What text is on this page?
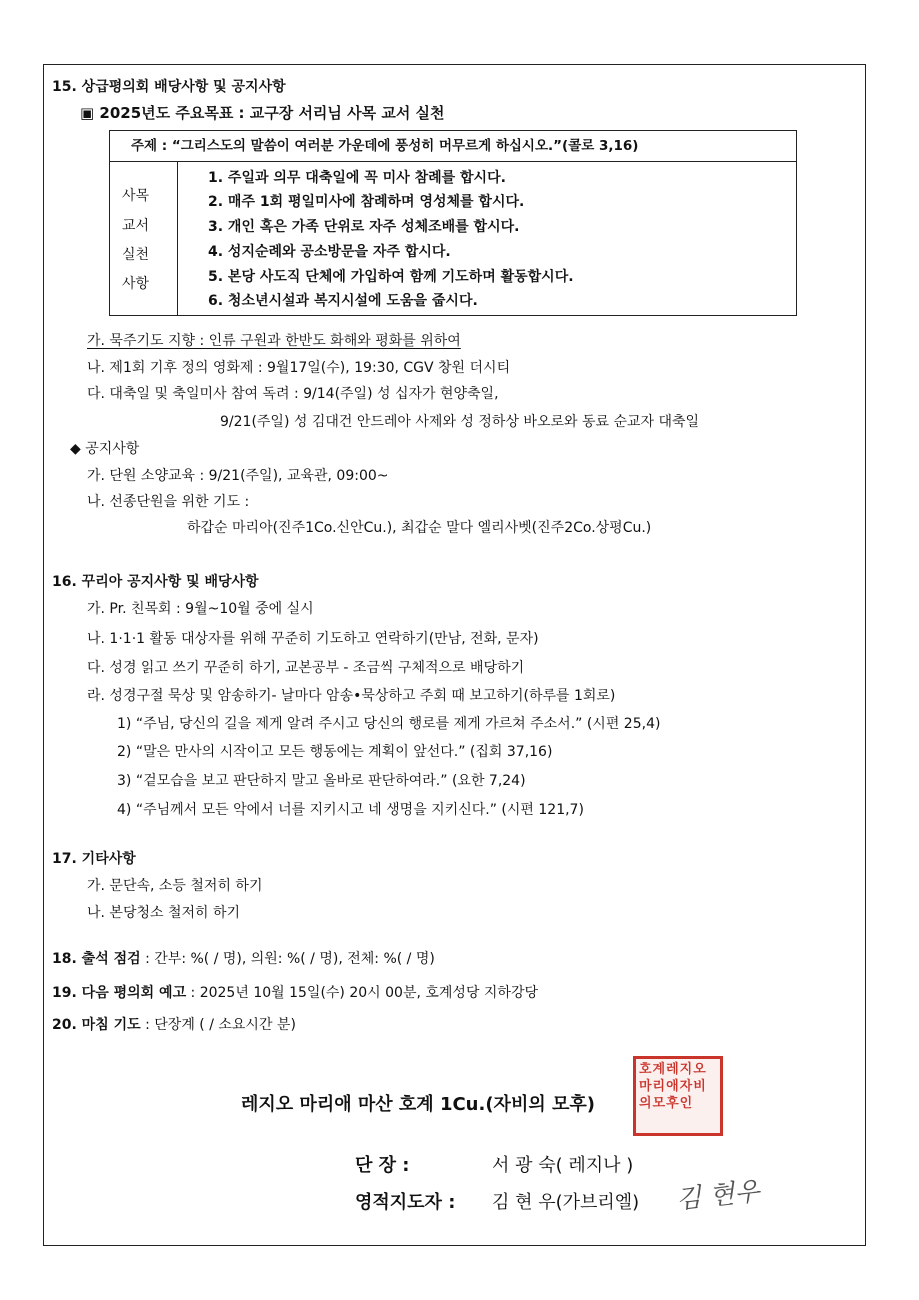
15. 상급평의회 배당사항 및 공지사항
▣ 2025년도 주요목표 : 교구장 서리님 사목 교서 실천
주제 : “그리스도의 말씀이 여러분 가운데에 풍성히 머무르게 하십시오.”(콜로 3,16)
사목
교서
실천
사항
1. 주일과 의무 대축일에 꼭 미사 참례를 합시다.
2. 매주 1회 평일미사에 참례하며 영성체를 합시다.
3. 개인 혹은 가족 단위로 자주 성체조배를 합시다.
4. 성지순례와 공소방문을 자주 합시다.
5. 본당 사도직 단체에 가입하여 함께 기도하며 활동합시다.
6. 청소년시설과 복지시설에 도움을 줍시다.
가. 묵주기도 지향 : 인류 구원과 한반도 화해와 평화를 위하여
나. 제1회 기후 정의 영화제 : 9월17일(수), 19:30, CGV 창원 더시티
다. 대축일 및 축일미사 참여 독려 : 9/14(주일) 성 십자가 현양축일,
9/21(주일) 성 김대건 안드레아 사제와 성 정하상 바오로와 동료 순교자 대축일
◆ 공지사항
가. 단원 소양교육 : 9/21(주일), 교육관, 09:00~
나. 선종단원을 위한 기도 :
하갑순 마리아(진주1Co.신안Cu.), 최갑순 말다 엘리사벳(진주2Co.상평Cu.)
16. 꾸리아 공지사항 및 배당사항
가. Pr. 친목회 : 9월~10월 중에 실시
나. 1·1·1 활동 대상자를 위해 꾸준히 기도하고 연락하기(만남, 전화, 문자)
다. 성경 읽고 쓰기 꾸준히 하기, 교본공부 - 조금씩 구체적으로 배당하기
라. 성경구절 묵상 및 암송하기- 날마다 암송•묵상하고 주회 때 보고하기(하루를 1회로)
1) “주님, 당신의 길을 제게 알려 주시고 당신의 행로를 제게 가르쳐 주소서.” (시편 25,4)
2) “말은 만사의 시작이고 모든 행동에는 계획이 앞선다.” (집회 37,16)
3) “겉모습을 보고 판단하지 말고 올바로 판단하여라.” (요한 7,24)
4) “주님께서 모든 악에서 너를 지키시고 네 생명을 지키신다.” (시편 121,7)
17. 기타사항
가. 문단속, 소등 철저히 하기
나. 본당청소 철저히 하기
18. 출석 점검 : 간부: %( / 명), 의원: %( / 명), 전체: %( / 명)
19. 다음 평의회 예고 : 2025년 10월 15일(수) 20시 00분, 호계성당 지하강당
20. 마침 기도 : 단장계 ( / 소요시간 분)
호계레지오마리애자비의모후인
레지오 마리애 마산 호계 1Cu.(자비의 모후)
단 장 :	서 광 숙( 레지나 )
영적지도자 : 김 현 우(가브리엘) 김 현우
